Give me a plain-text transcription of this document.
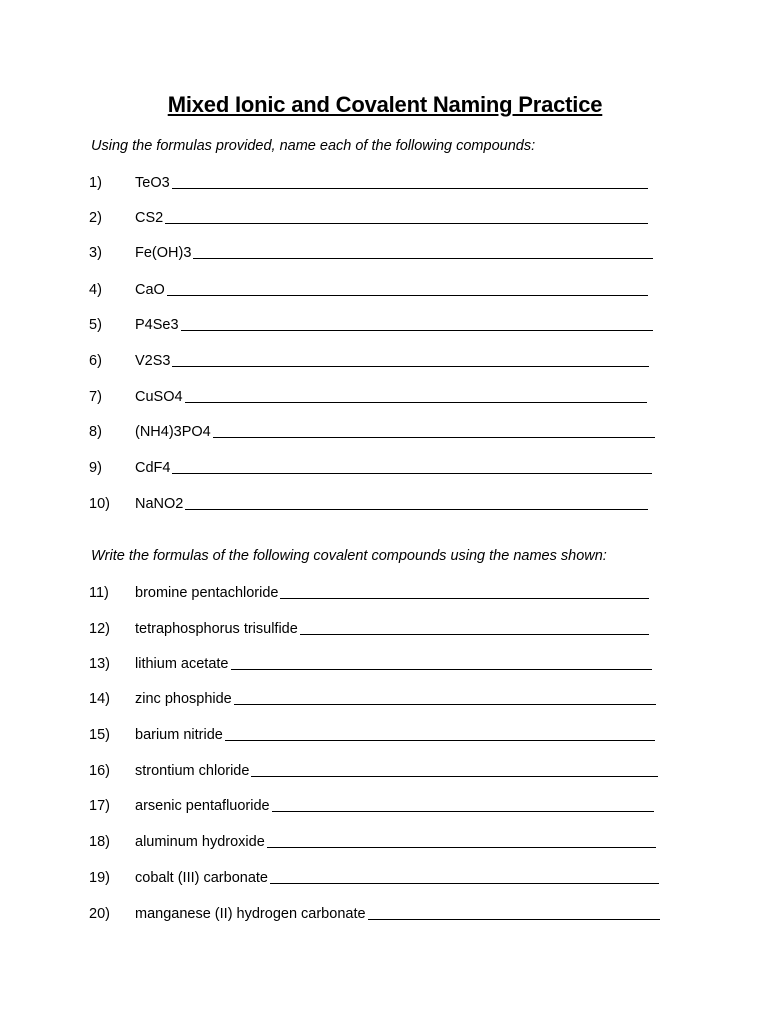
Mixed Ionic and Covalent Naming Practice
Using the formulas provided, name each of the following compounds:
1) TeO3
2) CS2
3) Fe(OH)3
4) CaO
5) P4Se3
6) V2S3
7) CuSO4
8) (NH4)3PO4
9) CdF4
10) NaNO2
Write the formulas of the following covalent compounds using the names shown:
11) bromine pentachloride
12) tetraphosphorus trisulfide
13) lithium acetate
14) zinc phosphide
15) barium nitride
16) strontium chloride
17) arsenic pentafluoride
18) aluminum hydroxide
19) cobalt (III) carbonate
20) manganese (II) hydrogen carbonate
